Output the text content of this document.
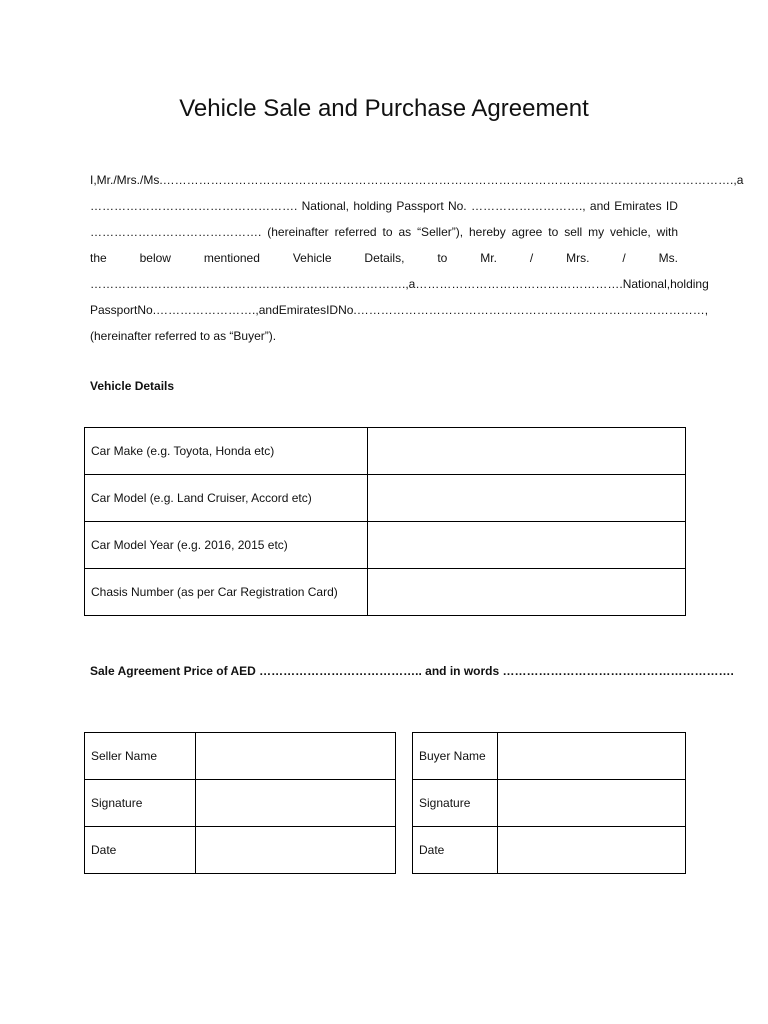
Vehicle Sale and Purchase Agreement
I, Mr./Mrs./Ms. …………………………………………………………………………………………….………………………………., a
……………………………………………. National, holding Passport No. ………………………., and Emirates ID
……………………………………. (hereinafter referred to as “Seller”), hereby agree to sell my vehicle, with
the	below	mentioned	Vehicle	Details,	to	Mr.	/	Mrs.	/	Ms.
……………………………………………………………………., a ……………………………………………. National, holding
Passport No. ……………………., and Emirates ID No. ……………………………………………………………………………,
(hereinafter referred to as “Buyer”).
Vehicle Details
Car Make (e.g. Toyota, Honda etc)	
Car Model (e.g. Land Cruiser, Accord etc)	
Car Model Year (e.g. 2016, 2015 etc)	
Chasis Number (as per Car Registration Card)	
Sale Agreement Price of AED ………………………………….. and in words ………………………………………………….
Seller Name	
Signature	
Date	
Buyer Name	
Signature	
Date	
